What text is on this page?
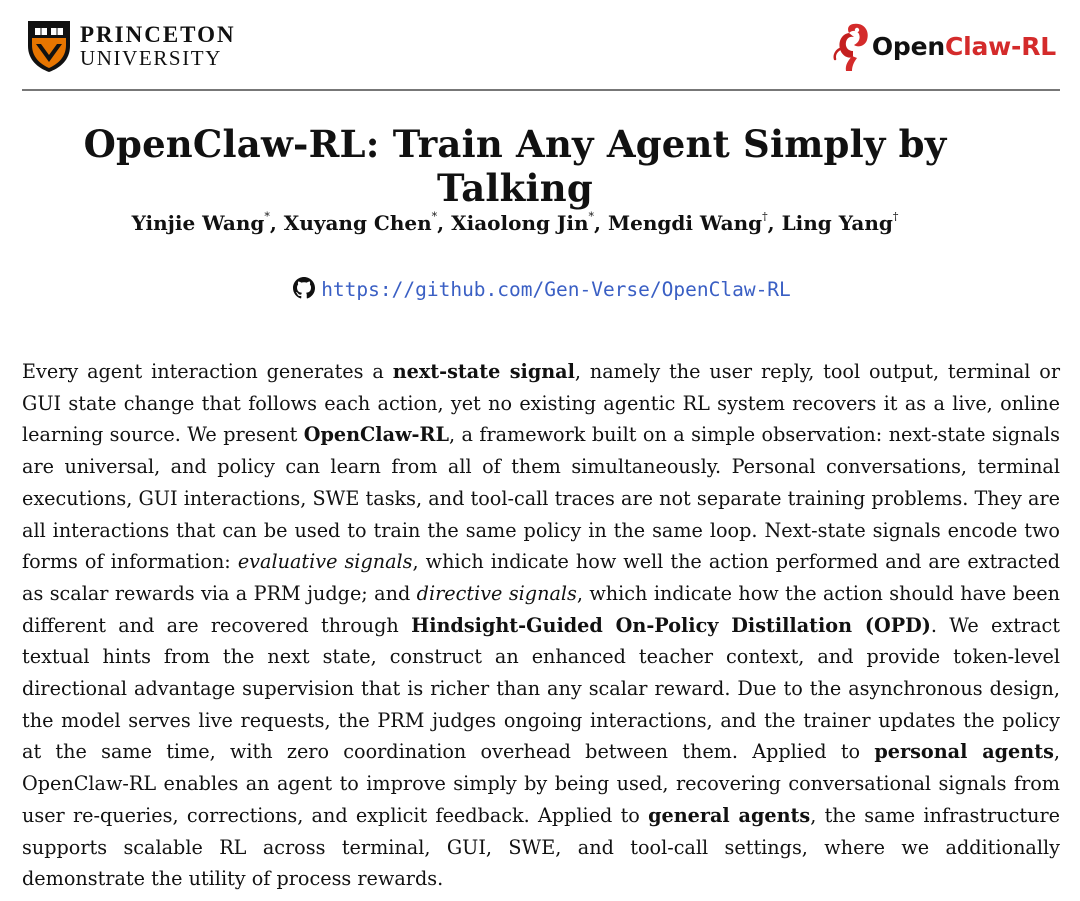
PRINCETON
UNIVERSITY	OpenClaw-RL
OpenClaw-RL: Train Any Agent Simply by Talking
Yinjie Wang*, Xuyang Chen*, Xiaolong Jin*, Mengdi Wang†, Ling Yang†
https://github.com/Gen-Verse/OpenClaw-RL

Every agent interaction generates a next-state signal, namely the user reply, tool output, terminal or GUI state change that follows each action, yet no existing agentic RL system recovers it as a live, online learning source. We present OpenClaw-RL, a framework built on a simple observation: next-state signals are universal, and policy can learn from all of them simultaneously. Personal conversations, terminal executions, GUI interactions, SWE tasks, and tool-call traces are not separate training problems. They are all interactions that can be used to train the same policy in the same loop. Next-state signals encode two forms of information: evaluative signals, which indicate how well the action performed and are extracted as scalar rewards via a PRM judge; and directive signals, which indicate how the action should have been different and are recovered through Hindsight-Guided On-Policy Distillation (OPD). We extract textual hints from the next state, construct an enhanced teacher context, and provide token-level directional advantage supervision that is richer than any scalar reward. Due to the asynchronous design, the model serves live requests, the PRM judges ongoing interactions, and the trainer updates the policy at the same time, with zero coordination overhead between them. Applied to personal agents, OpenClaw-RL enables an agent to improve simply by being used, recovering conversational signals from user re-queries, corrections, and explicit feedback. Applied to general agents, the same infrastructure supports scalable RL across terminal, GUI, SWE, and tool-call settings, where we additionally demonstrate the utility of process rewards.
